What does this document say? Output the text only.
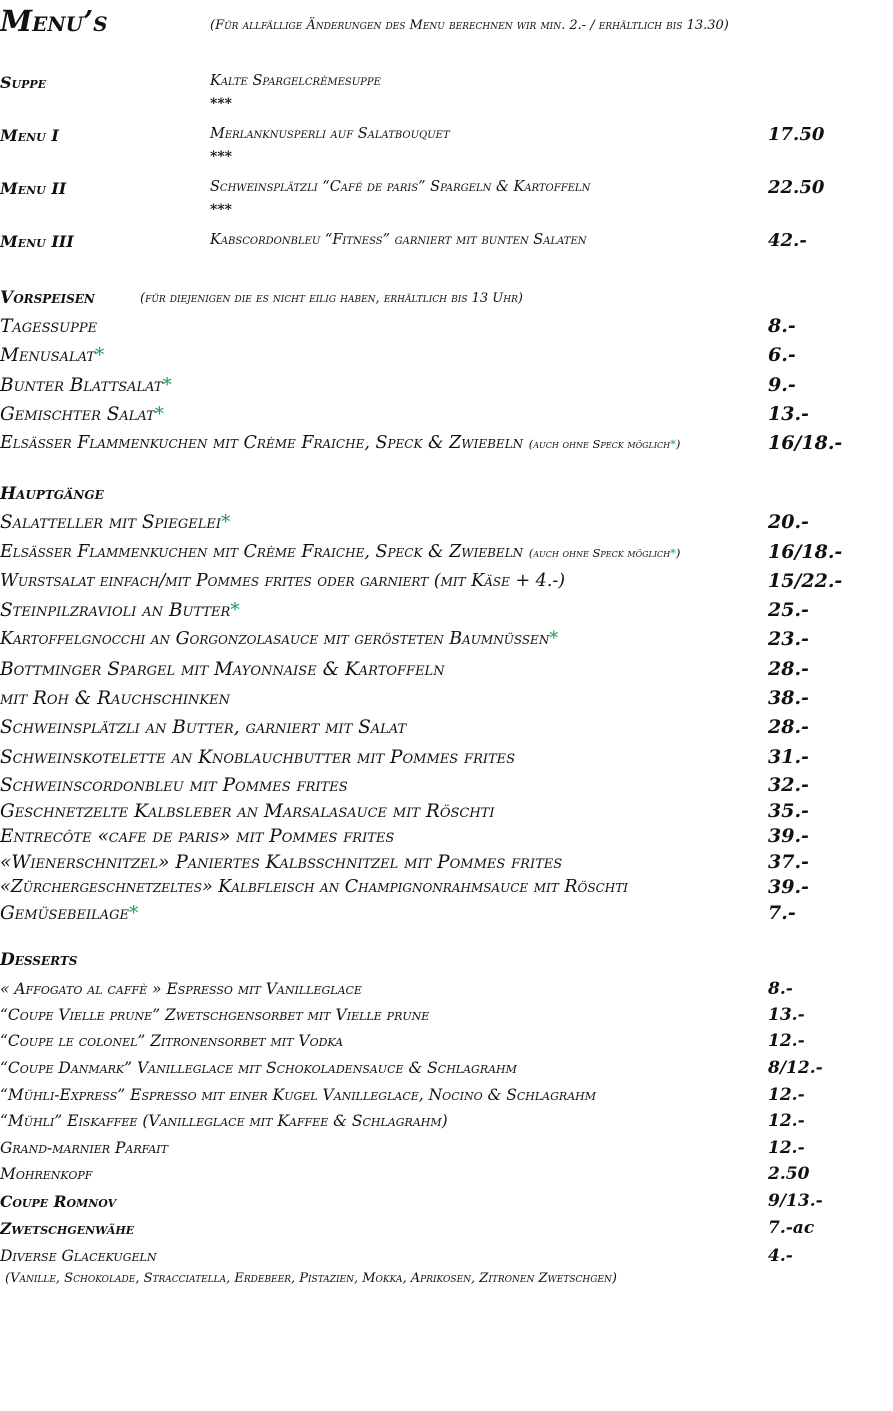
Menu’s	(Für allfällige Änderungen des Menu berechnen wir min. 2.- / erhältlich bis 13.30)
Suppe	Kalte Spargelcrèmesuppe
***
Menu I	Merlanknusperli auf Salatbouquet	17.50
***
Menu II	Schweinsplätzli “Café de paris” Spargeln & Kartoffeln	22.50
***
Menu III	Kabscordonbleu “Fitness” garniert mit bunten Salaten	42.-
Vorspeisen	(für diejenigen die es nicht eilig haben, erhältlich bis 13 Uhr)
Tagessuppe	8.-
Menusalat*	6.-
Bunter Blattsalat*	9.-
Gemischter Salat*	13.-
Elsässer Flammenkuchen mit Crème Fraiche, Speck & Zwiebeln (auch ohne Speck möglich*)	16/18.-
Hauptgänge
Salatteller mit Spiegelei*	20.-
Elsässer Flammenkuchen mit Crème Fraiche, Speck & Zwiebeln (auch ohne Speck möglich*)	16/18.-
Wurstsalat einfach/mit Pommes frites oder garniert (mit Käse + 4.-)	15/22.-
Steinpilzravioli an Butter*	25.-
Kartoffelgnocchi an Gorgonzolasauce mit gerösteten Baumnüssen*	23.-
Bottminger Spargel mit Mayonnaise & Kartoffeln	28.-
mit Roh & Rauchschinken	38.-
Schweinsplätzli an Butter, garniert mit Salat	28.-
Schweinskotelette an Knoblauchbutter mit Pommes frites	31.-
Schweinscordonbleu mit Pommes frites	32.-
Geschnetzelte Kalbsleber an Marsalasauce mit Röschti	35.-
Entrecôte «cafe de paris» mit Pommes frites	39.-
«Wienerschnitzel» Paniertes Kalbsschnitzel mit Pommes frites	37.-
«Zürchergeschnetzeltes» Kalbfleisch an Champignonrahmsauce mit Röschti	39.-
Gemüsebeilage*	7.-
Desserts
« Affogato al caffè » Espresso mit Vanilleglace	8.-
“Coupe Vielle prune” Zwetschgensorbet mit Vielle prune	13.-
“Coupe le colonel” Zitronensorbet mit Vodka	12.-
“Coupe Danmark” Vanilleglace mit Schokoladensauce & Schlagrahm	8/12.-
“Mühli-Express” Espresso mit einer Kugel Vanilleglace, Nocino & Schlagrahm	12.-
“Mühli” Eiskaffee (Vanilleglace mit Kaffee & Schlagrahm)	12.-
Grand-marnier Parfait	12.-
Mohrenkopf	2.50
Coupe Romnov	9/13.-
Zwetschgenwähe	7.-ac
Diverse Glacekugeln	4.-
(Vanille, Schokolade, Stracciatella, Erdebeer, Pistazien, Mokka, Aprikosen, Zitronen Zwetschgen)
